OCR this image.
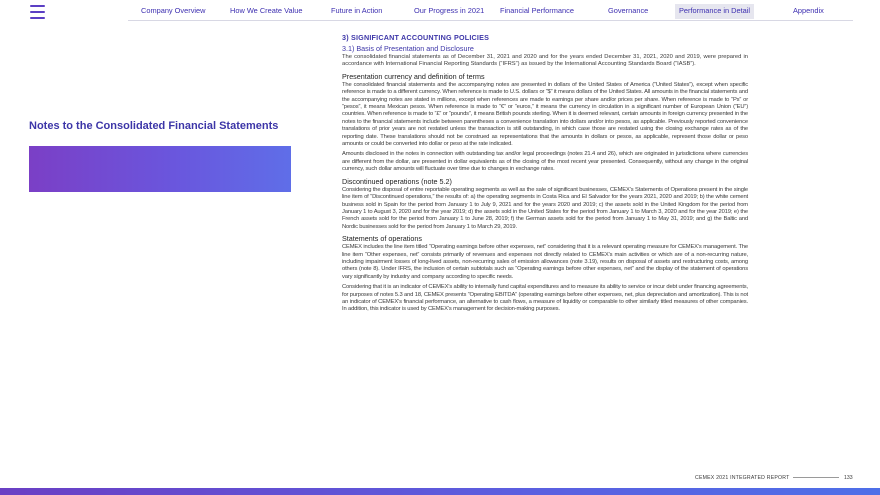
Company Overview	How We Create Value	Future in Action	Our Progress in 2021 Financial Performance	Governance	Performance in Detail	Appendix
Notes to the Consolidated Financial Statements
3) SIGNIFICANT ACCOUNTING POLICIES
3.1) Basis of Presentation and Disclosure
The consolidated financial statements as of December 31, 2021 and 2020 and for the years ended December 31, 2021, 2020 and 2019, were prepared in accordance with International Financial Reporting Standards (“IFRS”) as issued by the International Accounting Standards Board (“IASB”).
Presentation currency and definition of terms
The consolidated financial statements and the accompanying notes are presented in dollars of the United States of America (“United States”), except when specific reference is made to a different currency. When reference is made to U.S. dollars or “$” it means dollars of the United States. All amounts in the financial statements and the accompanying notes are stated in millions, except when references are made to earnings per share and/or prices per share. When reference is made to “Ps” or “pesos”, it means Mexican pesos. When reference is made to “€” or “euros,” it means the currency in circulation in a significant number of European Union (“EU”) countries. When reference is made to “£” or “pounds”, it means British pounds sterling. When it is deemed relevant, certain amounts in foreign currency presented in the notes to the financial statements include between parentheses a convenience translation into dollars and/or into pesos, as applicable. Previously reported convenience translations of prior years are not restated unless the transaction is still outstanding, in which case those are restated using the closing exchange rates as of the reporting date. These translations should not be construed as representations that the amounts in dollars or pesos, as applicable, represent those dollar or peso amounts or could be converted into dollar or peso at the rate indicated.
Amounts disclosed in the notes in connection with outstanding tax and/or legal proceedings (notes 21.4 and 26), which are originated in jurisdictions where currencies are different from the dollar, are presented in dollar equivalents as of the closing of the most recent year presented. Consequently, without any change in the original currency, such dollar amounts will fluctuate over time due to changes in exchange rates.
Discontinued operations (note 5.2)
Considering the disposal of entire reportable operating segments as well as the sale of significant businesses, CEMEX’s Statements of Operations present in the single line item of “Discontinued operations,” the results of: a) the operating segments in Costa Rica and El Salvador for the years 2021, 2020 and 2019; b) the white cement business sold in Spain for the period from January 1 to July 9, 2021 and for the years 2020 and 2019; c) the assets sold in the United Kingdom for the period from January 1 to August 3, 2020 and for the year 2019; d) the assets sold in the United States for the period from January 1 to March 3, 2020 and for the year 2019; e) the French assets sold for the period from January 1 to June 28, 2019; f) the German assets sold for the period from January 1 to May 31, 2019; and g) the Baltic and Nordic businesses sold for the period from January 1 to March 29, 2019.
Statements of operations
CEMEX includes the line item titled “Operating earnings before other expenses, net” considering that it is a relevant operating measure for CEMEX’s management. The line item “Other expenses, net” consists primarily of revenues and expenses not directly related to CEMEX’s main activities or which are of a non-recurring nature, including impairment losses of long-lived assets, non-recurring sales of emission allowances (note 3.19), results on disposal of assets and restructuring costs, among others (note 8). Under IFRS, the inclusion of certain subtotals such as “Operating earnings before other expenses, net” and the display of the statement of operations vary significantly by industry and company according to specific needs.
Considering that it is an indicator of CEMEX’s ability to internally fund capital expenditures and to measure its ability to service or incur debt under financing agreements, for purposes of notes 5.3 and 18, CEMEX presents “Operating EBITDA” (operating earnings before other expenses, net, plus depreciation and amortization). This is not an indicator of CEMEX’s financial performance, an alternative to cash flows, a measure of liquidity or comparable to other similarly titled measures of other companies. In addition, this indicator is used by CEMEX’s management for decision-making purposes.
CEMEX 2021 INTEGRATED REPORT	133
